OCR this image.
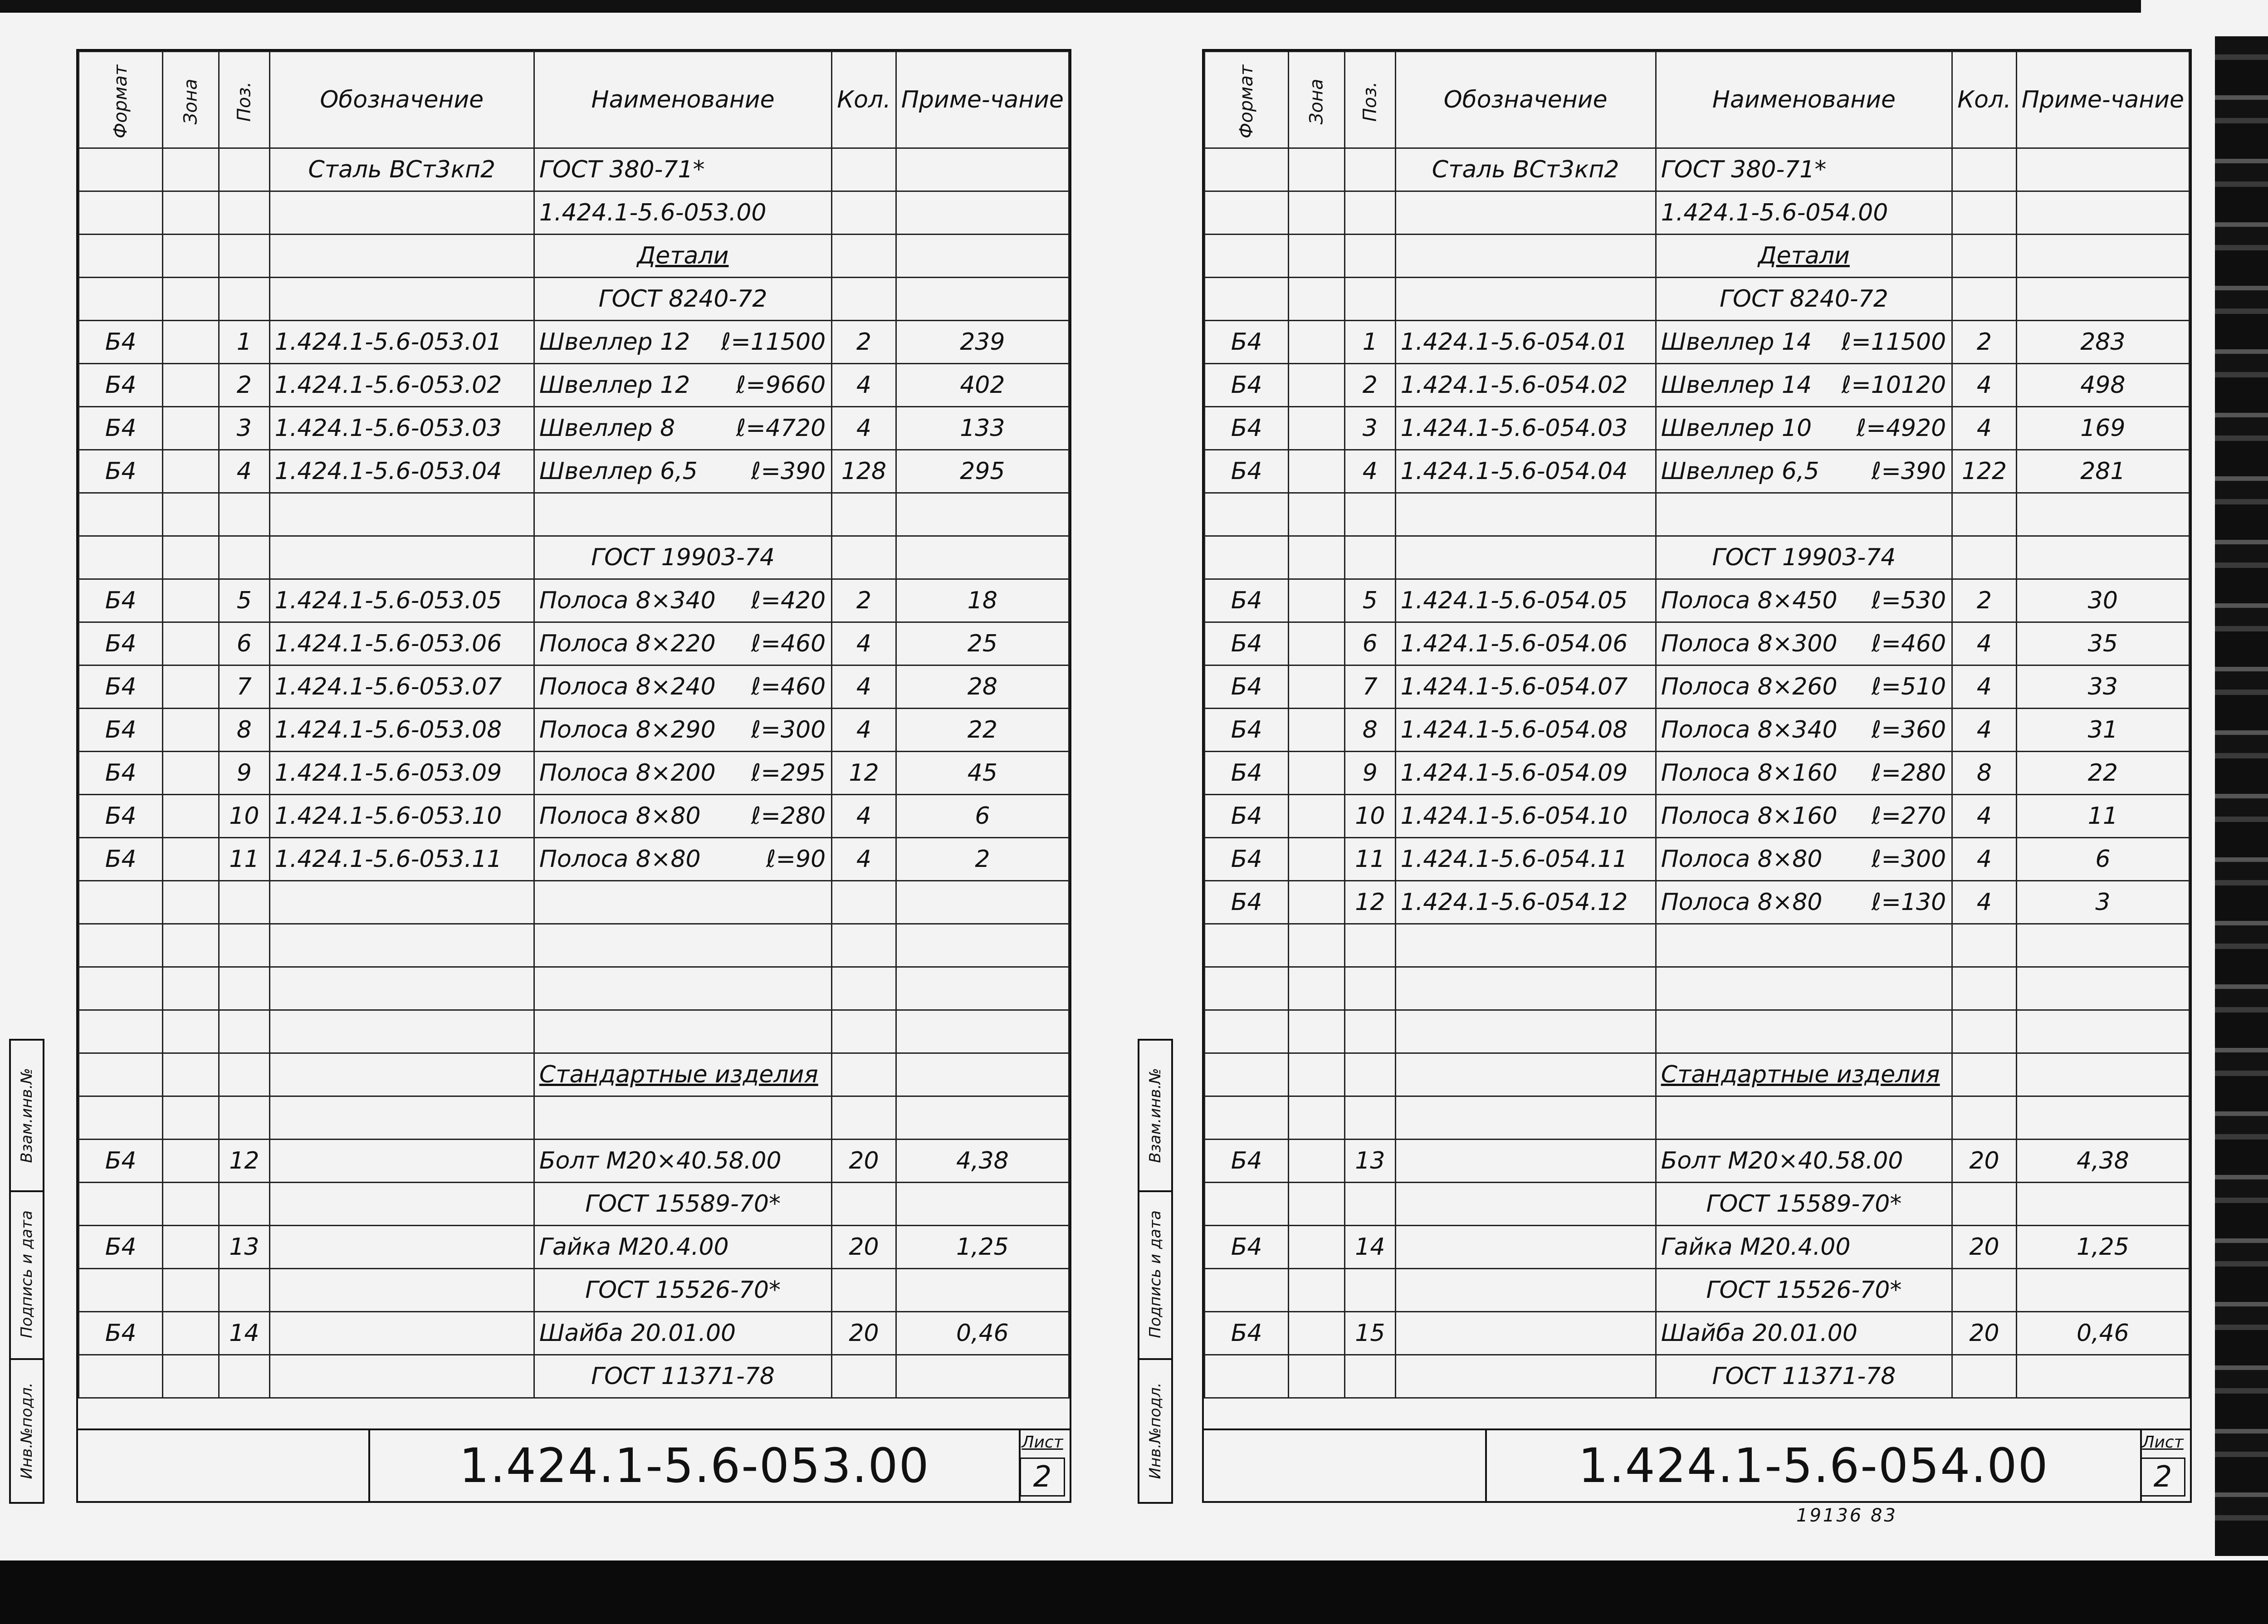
Взам.инв.№
Подпись и дата
Инв.№подл.
Взам.инв.№
Подпись и дата
Инв.№подл.
Формат	Зона	Поз.	Обозначение	Наименование	Кол.	Приме-чание
			Сталь ВСт3кп2	ГОСТ 380-71*		
				1.424.1-5.6-053.00		
				Детали		
				ГОСТ 8240-72		
Б4		1	1.424.1-5.6-053.01	Швеллер 12 ℓ=11500	2	239
Б4		2	1.424.1-5.6-053.02	Швеллер 12 ℓ=9660	4	402
Б4		3	1.424.1-5.6-053.03	Швеллер 8 ℓ=4720	4	133
Б4		4	1.424.1-5.6-053.04	Швеллер 6,5 ℓ=390	128	295

				ГОСТ 19903-74		
Б4		5	1.424.1-5.6-053.05	Полоса 8×340 ℓ=420	2	18
Б4		6	1.424.1-5.6-053.06	Полоса 8×220 ℓ=460	4	25
Б4		7	1.424.1-5.6-053.07	Полоса 8×240 ℓ=460	4	28
Б4		8	1.424.1-5.6-053.08	Полоса 8×290 ℓ=300	4	22
Б4		9	1.424.1-5.6-053.09	Полоса 8×200 ℓ=295	12	45
Б4		10	1.424.1-5.6-053.10	Полоса 8×80 ℓ=280	4	6
Б4		11	1.424.1-5.6-053.11	Полоса 8×80 ℓ=90	4	2

				Стандартные изделия		

Б4		12		Болт М20×40.58.00	20	4,38
				ГОСТ 15589-70*		
Б4		13		Гайка М20.4.00	20	1,25
				ГОСТ 15526-70*		
Б4		14		Шайба 20.01.00	20	0,46
				ГОСТ 11371-78		
1.424.1-5.6-053.00	Лист
2
Формат	Зона	Поз.	Обозначение	Наименование	Кол.	Приме-чание
			Сталь ВСт3кп2	ГОСТ 380-71*		
				1.424.1-5.6-054.00		
				Детали		
				ГОСТ 8240-72		
Б4		1	1.424.1-5.6-054.01	Швеллер 14 ℓ=11500	2	283
Б4		2	1.424.1-5.6-054.02	Швеллер 14 ℓ=10120	4	498
Б4		3	1.424.1-5.6-054.03	Швеллер 10 ℓ=4920	4	169
Б4		4	1.424.1-5.6-054.04	Швеллер 6,5 ℓ=390	122	281

				ГОСТ 19903-74		
Б4		5	1.424.1-5.6-054.05	Полоса 8×450 ℓ=530	2	30
Б4		6	1.424.1-5.6-054.06	Полоса 8×300 ℓ=460	4	35
Б4		7	1.424.1-5.6-054.07	Полоса 8×260 ℓ=510	4	33
Б4		8	1.424.1-5.6-054.08	Полоса 8×340 ℓ=360	4	31
Б4		9	1.424.1-5.6-054.09	Полоса 8×160 ℓ=280	8	22
Б4		10	1.424.1-5.6-054.10	Полоса 8×160 ℓ=270	4	11
Б4		11	1.424.1-5.6-054.11	Полоса 8×80 ℓ=300	4	6
Б4		12	1.424.1-5.6-054.12	Полоса 8×80 ℓ=130	4	3

				Стандартные изделия		

Б4		13		Болт М20×40.58.00	20	4,38
				ГОСТ 15589-70*		
Б4		14		Гайка М20.4.00	20	1,25
				ГОСТ 15526-70*		
Б4		15		Шайба 20.01.00	20	0,46
				ГОСТ 11371-78		
1.424.1-5.6-054.00	Лист
2
19136 83
